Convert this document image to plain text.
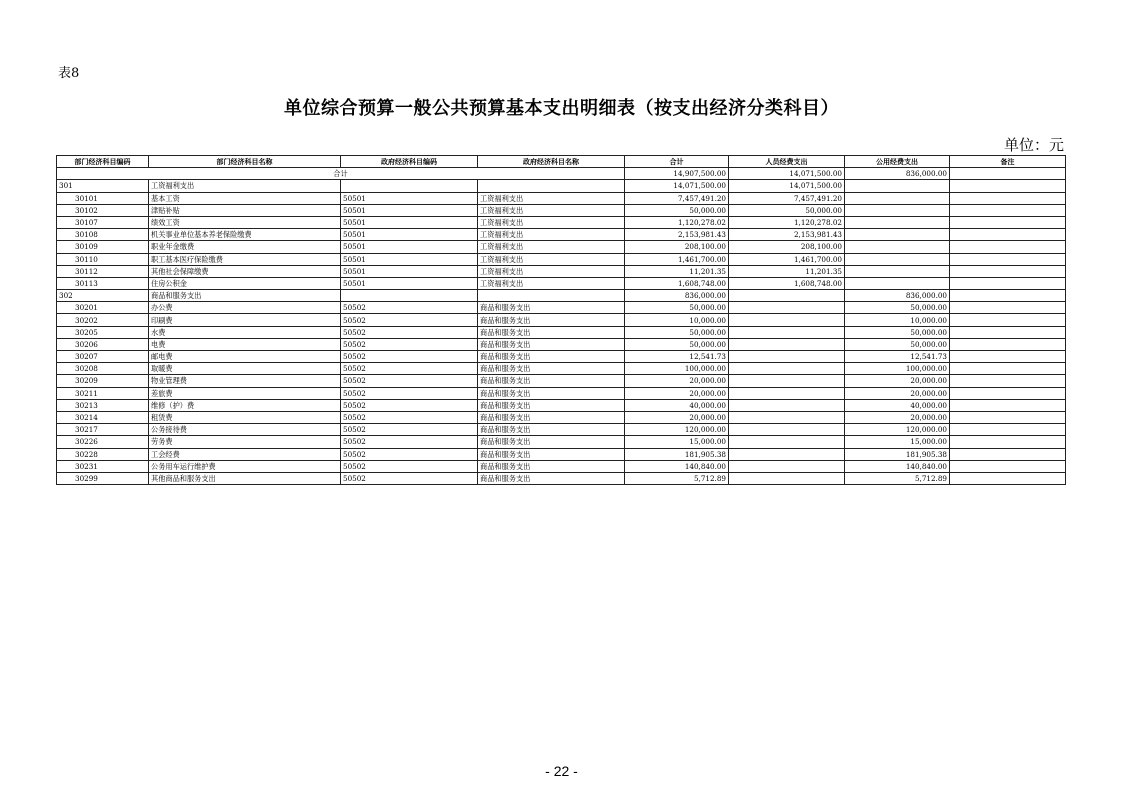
表8
单位综合预算一般公共预算基本支出明细表（按支出经济分类科目）
单位：元
部门经济科目编码	部门经济科目名称	政府经济科目编码	政府经济科目名称	合计	人员经费支出	公用经费支出	备注
合计				14,907,500.00	14,071,500.00	836,000.00	
301	工资福利支出			14,071,500.00	14,071,500.00		
30101	基本工资	50501	工资福利支出	7,457,491.20	7,457,491.20		
30102	津贴补贴	50501	工资福利支出	50,000.00	50,000.00		
30107	绩效工资	50501	工资福利支出	1,120,278.02	1,120,278.02		
30108	机关事业单位基本养老保险缴费	50501	工资福利支出	2,153,981.43	2,153,981.43		
30109	职业年金缴费	50501	工资福利支出	208,100.00	208,100.00		
30110	职工基本医疗保险缴费	50501	工资福利支出	1,461,700.00	1,461,700.00		
30112	其他社会保障缴费	50501	工资福利支出	11,201.35	11,201.35		
30113	住房公积金	50501	工资福利支出	1,608,748.00	1,608,748.00		
302	商品和服务支出			836,000.00		836,000.00	
30201	办公费	50502	商品和服务支出	50,000.00		50,000.00	
30202	印刷费	50502	商品和服务支出	10,000.00		10,000.00	
30205	水费	50502	商品和服务支出	50,000.00		50,000.00	
30206	电费	50502	商品和服务支出	50,000.00		50,000.00	
30207	邮电费	50502	商品和服务支出	12,541.73		12,541.73	
30208	取暖费	50502	商品和服务支出	100,000.00		100,000.00	
30209	物业管理费	50502	商品和服务支出	20,000.00		20,000.00	
30211	差旅费	50502	商品和服务支出	20,000.00		20,000.00	
30213	维修（护）费	50502	商品和服务支出	40,000.00		40,000.00	
30214	租赁费	50502	商品和服务支出	20,000.00		20,000.00	
30217	公务接待费	50502	商品和服务支出	120,000.00		120,000.00	
30226	劳务费	50502	商品和服务支出	15,000.00		15,000.00	
30228	工会经费	50502	商品和服务支出	181,905.38		181,905.38	
30231	公务用车运行维护费	50502	商品和服务支出	140,840.00		140,840.00	
30299	其他商品和服务支出	50502	商品和服务支出	5,712.89		5,712.89	
- 22 -
